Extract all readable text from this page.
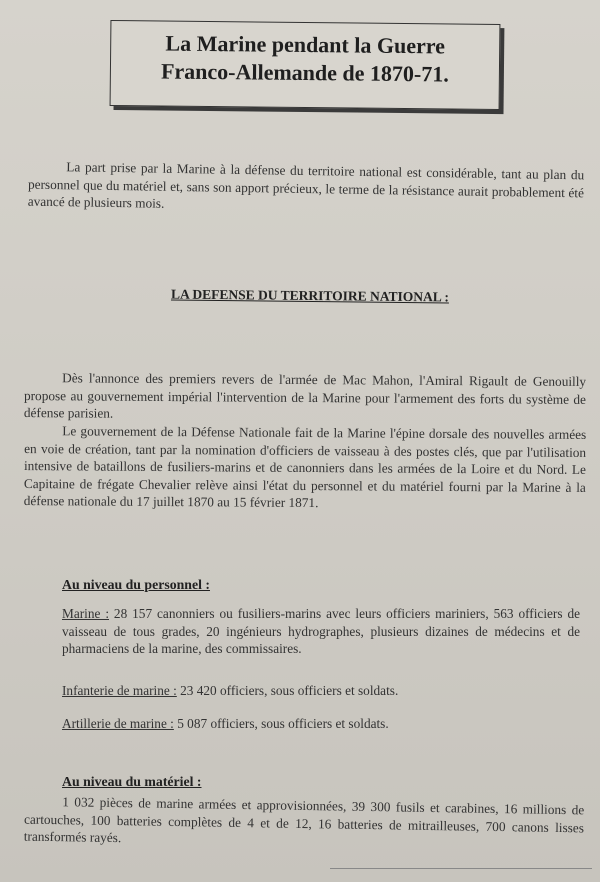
La Marine pendant la Guerre
Franco-Allemande de 1870-71.
La part prise par la Marine à la défense du territoire national est considérable, tant au plan du personnel que du matériel et, sans son apport précieux, le terme de la résistance aurait probablement été avancé de plusieurs mois.
LA DEFENSE DU TERRITOIRE NATIONAL :
Dès l'annonce des premiers revers de l'armée de Mac Mahon, l'Amiral Rigault de Genouilly propose au gouvernement impérial l'intervention de la Marine pour l'armement des forts du système de défense parisien.
Le gouvernement de la Défense Nationale fait de la Marine l'épine dorsale des nouvelles armées en voie de création, tant par la nomination d'officiers de vaisseau à des postes clés, que par l'utilisation intensive de bataillons de fusiliers-marins et de canonniers dans les armées de la Loire et du Nord. Le Capitaine de frégate Chevalier relève ainsi l'état du personnel et du matériel fourni par la Marine à la défense nationale du 17 juillet 1870 au 15 février 1871.
Au niveau du personnel :
Marine : 28 157 canonniers ou fusiliers-marins avec leurs officiers mariniers, 563 officiers de vaisseau de tous grades, 20 ingénieurs hydrographes, plusieurs dizaines de médecins et de pharmaciens de la marine, des commissaires.
Infanterie de marine : 23 420 officiers, sous officiers et soldats.
Artillerie de marine : 5 087 officiers, sous officiers et soldats.
Au niveau du matériel :
1 032 pièces de marine armées et approvisionnées, 39 300 fusils et carabines, 16 millions de cartouches, 100 batteries complètes de 4 et de 12, 16 batteries de mitrailleuses, 700 canons lisses transformés rayés.
